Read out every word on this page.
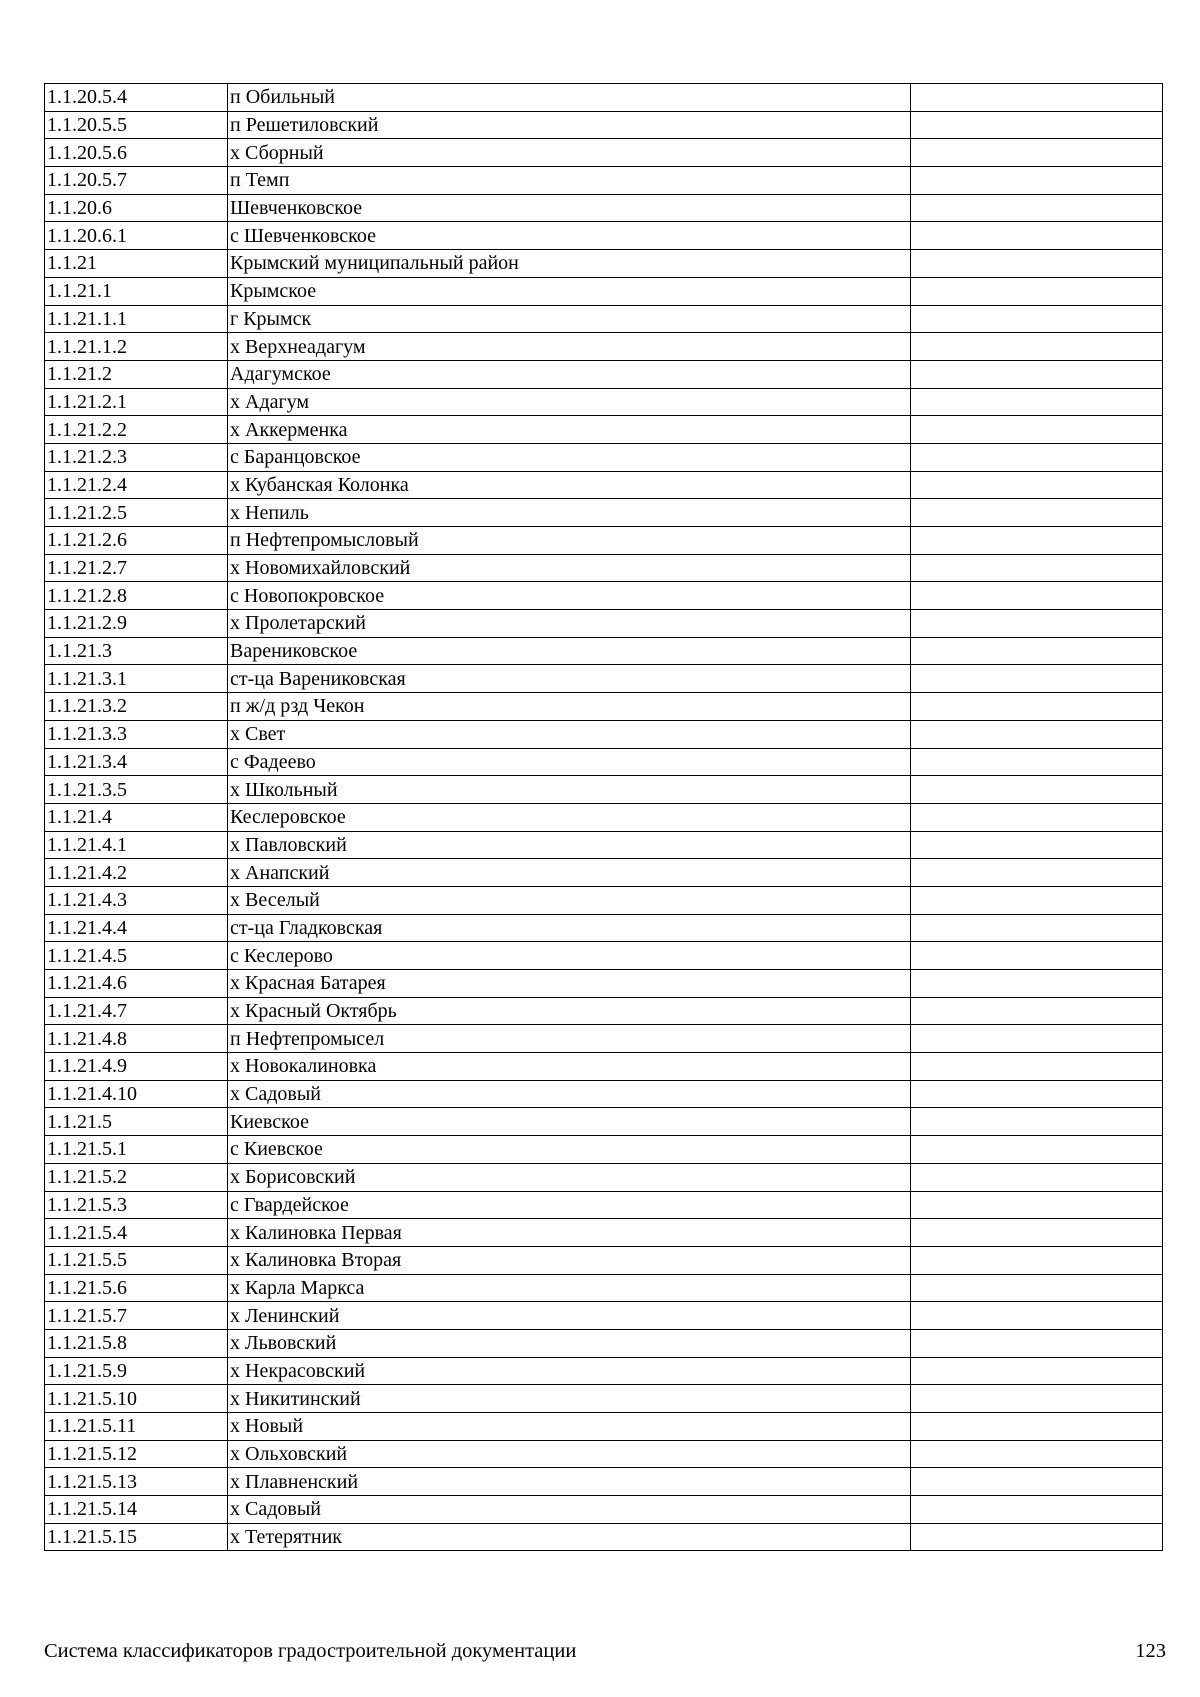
1.1.20.5.4	п Обильный	
1.1.20.5.5	п Решетиловский	
1.1.20.5.6	х Сборный	
1.1.20.5.7	п Темп	
1.1.20.6	Шевченковское	
1.1.20.6.1	с Шевченковское	
1.1.21	Крымский муниципальный район	
1.1.21.1	Крымское	
1.1.21.1.1	г Крымск	
1.1.21.1.2	х Верхнеадагум	
1.1.21.2	Адагумское	
1.1.21.2.1	х Адагум	
1.1.21.2.2	х Аккерменка	
1.1.21.2.3	с Баранцовское	
1.1.21.2.4	х Кубанская Колонка	
1.1.21.2.5	х Непиль	
1.1.21.2.6	п Нефтепромысловый	
1.1.21.2.7	х Новомихайловский	
1.1.21.2.8	с Новопокровское	
1.1.21.2.9	х Пролетарский	
1.1.21.3	Варениковское	
1.1.21.3.1	ст-ца Варениковская	
1.1.21.3.2	п ж/д рзд Чекон	
1.1.21.3.3	х Свет	
1.1.21.3.4	с Фадеево	
1.1.21.3.5	х Школьный	
1.1.21.4	Кеслеровское	
1.1.21.4.1	х Павловский	
1.1.21.4.2	х Анапский	
1.1.21.4.3	х Веселый	
1.1.21.4.4	ст-ца Гладковская	
1.1.21.4.5	с Кеслерово	
1.1.21.4.6	х Красная Батарея	
1.1.21.4.7	х Красный Октябрь	
1.1.21.4.8	п Нефтепромысел	
1.1.21.4.9	х Новокалиновка	
1.1.21.4.10	х Садовый	
1.1.21.5	Киевское	
1.1.21.5.1	с Киевское	
1.1.21.5.2	х Борисовский	
1.1.21.5.3	с Гвардейское	
1.1.21.5.4	х Калиновка Первая	
1.1.21.5.5	х Калиновка Вторая	
1.1.21.5.6	х Карла Маркса	
1.1.21.5.7	х Ленинский	
1.1.21.5.8	х Львовский	
1.1.21.5.9	х Некрасовский	
1.1.21.5.10	х Никитинский	
1.1.21.5.11	х Новый	
1.1.21.5.12	х Ольховский	
1.1.21.5.13	х Плавненский	
1.1.21.5.14	х Садовый	
1.1.21.5.15	х Тетерятник	
Система классификаторов градостроительной документации	123
